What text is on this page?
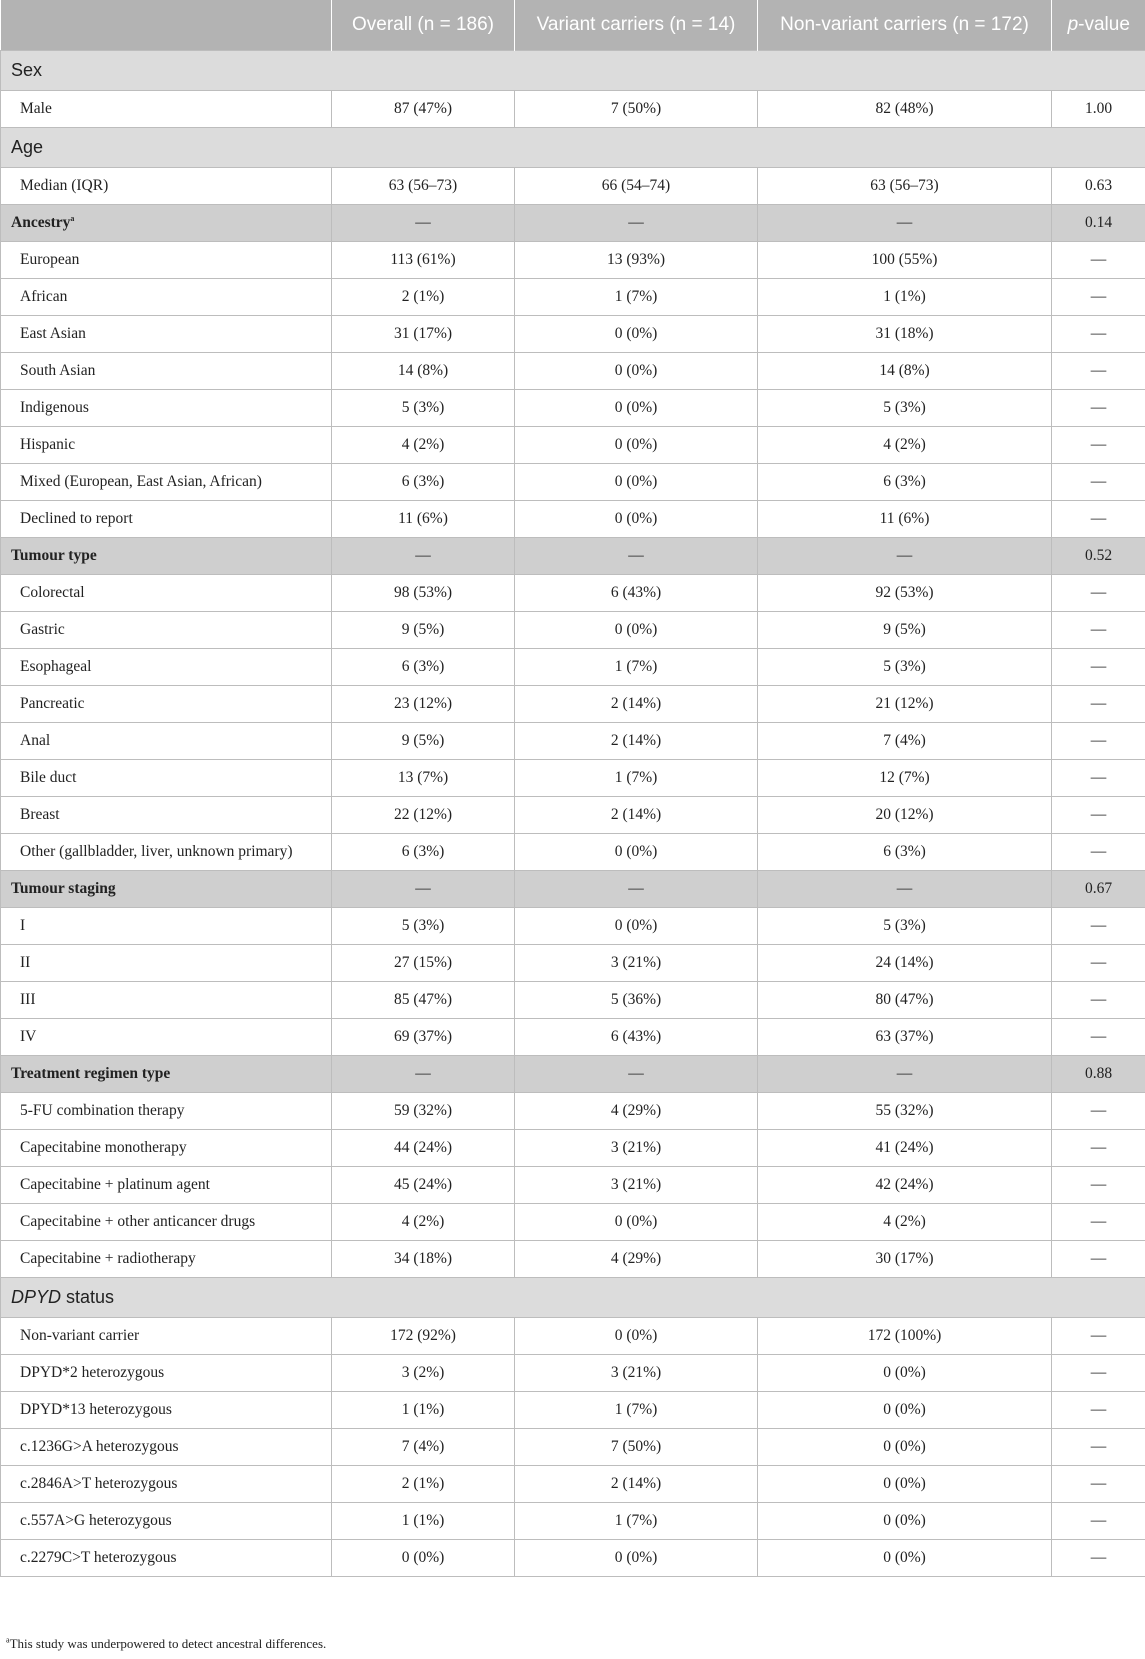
	Overall (n = 186)	Variant carriers (n = 14)	Non-variant carriers (n = 172)	p-value
Sex				
Male	87 (47%)	7 (50%)	82 (48%)	1.00
Age				
Median (IQR)	63 (56–73)	66 (54–74)	63 (56–73)	0.63
Ancestry$^a$	—	—	—	0.14
European	113 (61%)	13 (93%)	100 (55%)	—
African	2 (1%)	1 (7%)	1 (1%)	—
East Asian	31 (17%)	0 (0%)	31 (18%)	—
South Asian	14 (8%)	0 (0%)	14 (8%)	—
Indigenous	5 (3%)	0 (0%)	5 (3%)	—
Hispanic	4 (2%)	0 (0%)	4 (2%)	—
Mixed (European, East Asian, African)	6 (3%)	0 (0%)	6 (3%)	—
Declined to report	11 (6%)	0 (0%)	11 (6%)	—
Tumour type	—	—	—	0.52
Colorectal	98 (53%)	6 (43%)	92 (53%)	—
Gastric	9 (5%)	0 (0%)	9 (5%)	—
Esophageal	6 (3%)	1 (7%)	5 (3%)	—
Pancreatic	23 (12%)	2 (14%)	21 (12%)	—
Anal	9 (5%)	2 (14%)	7 (4%)	—
Bile duct	13 (7%)	1 (7%)	12 (7%)	—
Breast	22 (12%)	2 (14%)	20 (12%)	—
Other (gallbladder, liver, unknown primary)	6 (3%)	0 (0%)	6 (3%)	—
Tumour staging	—	—	—	0.67
I	5 (3%)	0 (0%)	5 (3%)	—
II	27 (15%)	3 (21%)	24 (14%)	—
III	85 (47%)	5 (36%)	80 (47%)	—
IV	69 (37%)	6 (43%)	63 (37%)	—
Treatment regimen type	—	—	—	0.88
5-FU combination therapy	59 (32%)	4 (29%)	55 (32%)	—
Capecitabine monotherapy	44 (24%)	3 (21%)	41 (24%)	—
Capecitabine + platinum agent	45 (24%)	3 (21%)	42 (24%)	—
Capecitabine + other anticancer drugs	4 (2%)	0 (0%)	4 (2%)	—
Capecitabine + radiotherapy	34 (18%)	4 (29%)	30 (17%)	—
DPYD status				
Non-variant carrier	172 (92%)	0 (0%)	172 (100%)	—
DPYD*2 heterozygous	3 (2%)	3 (21%)	0 (0%)	—
DPYD*13 heterozygous	1 (1%)	1 (7%)	0 (0%)	—
c.1236G>A heterozygous	7 (4%)	7 (50%)	0 (0%)	—
c.2846A>T heterozygous	2 (1%)	2 (14%)	0 (0%)	—
c.557A>G heterozygous	1 (1%)	1 (7%)	0 (0%)	—
c.2279C>T heterozygous	0 (0%)	0 (0%)	0 (0%)	—
$^a$This study was underpowered to detect ancestral differences.
